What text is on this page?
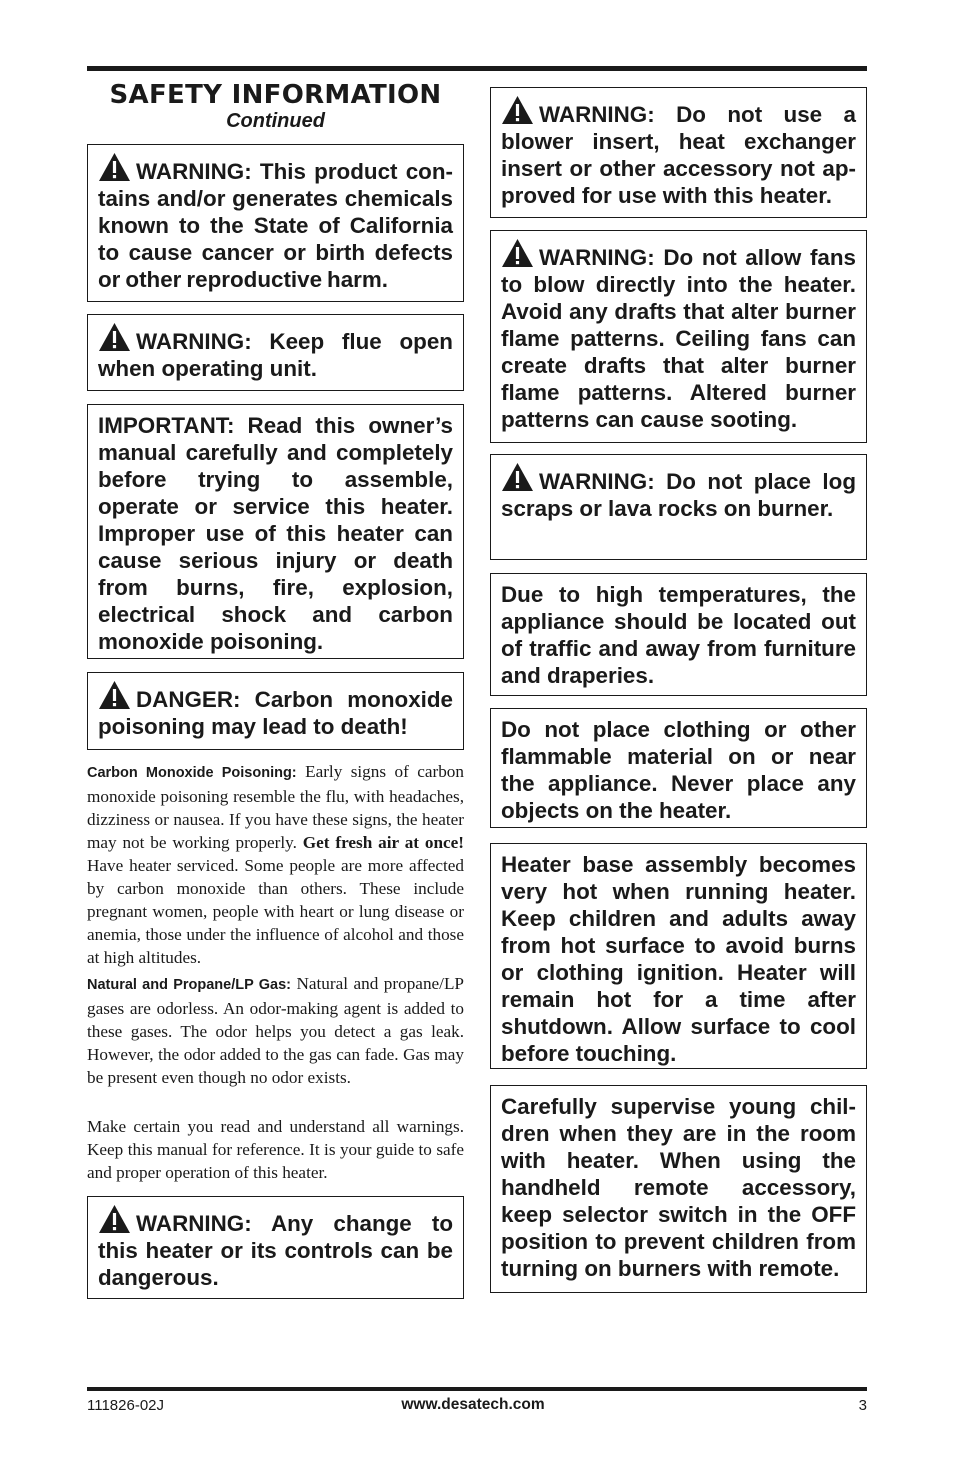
SAFETY INFORMATION
Continued
WARNING: This product contains and/or generates chemicals known to the State of California to cause cancer or birth defects or other reproductive harm.
WARNING: Keep flue open when operating unit.
IMPORTANT: Read this owner’s manual carefully and completely before trying to assemble, operate or service this heater. Improper use of this heater can cause serious injury or death from burns, fire, explosion, electrical shock and carbon monoxide poisoning.
DANGER: Carbon monoxide poisoning may lead to death!

Carbon Monoxide Poisoning: Early signs of carbon monoxide poisoning resemble the flu, with headaches, dizziness or nausea. If you have these signs, the heater may not be working properly. Get fresh air at once! Have heater serviced. Some people are more affected by carbon monoxide than others. These include pregnant women, people with heart or lung disease or anemia, those under the influence of alcohol and those at high altitudes.

Natural and Propane/LP Gas: Natural and propane/LP gases are odorless. An odor-making agent is added to these gases. The odor helps you detect a gas leak. However, the odor added to the gas can fade. Gas may be present even though no odor exists.

Make certain you read and understand all warnings. Keep this manual for reference. It is your guide to safe and proper operation of this heater.

WARNING: Any change to this heater or its controls can be dangerous.
WARNING: Do not use a blower insert, heat exchanger insert or other accessory not approved for use with this heater.
WARNING: Do not allow fans to blow directly into the heater. Avoid any drafts that alter burner flame patterns. Ceiling fans can create drafts that alter burner flame patterns. Altered burner patterns can cause sooting.
WARNING: Do not place log scraps or lava rocks on burner.
Due to high temperatures, the appliance should be located out of traffic and away from furniture and draperies.
Do not place clothing or other flammable material on or near the appliance. Never place any objects on the heater.
Heater base assembly becomes very hot when running heater. Keep children and adults away from hot surface to avoid burns or clothing ignition. Heater will remain hot for a time after shutdown. Allow surface to cool before touching.
Carefully supervise young children when they are in the room with heater. When using the handheld remote accessory, keep selector switch in the OFF position to prevent children from turning on burners with remote.
111826-02J	www.desatech.com	3
